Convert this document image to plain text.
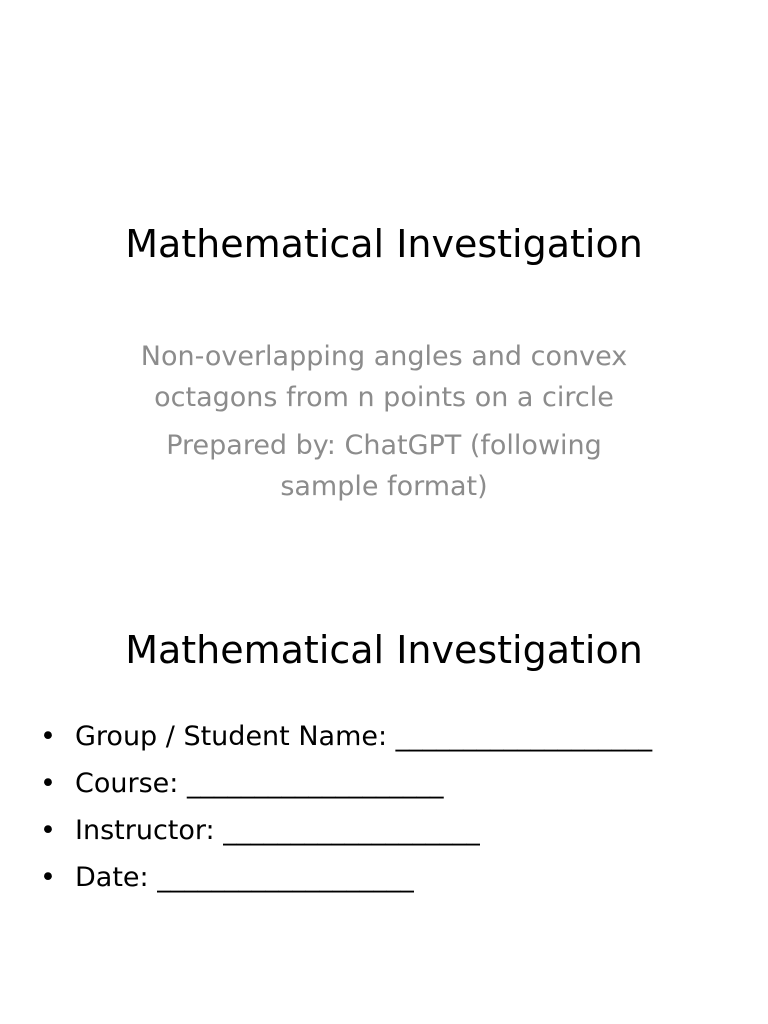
Mathematical Investigation

Non-overlapping angles and convex octagons from n points on a circle

Prepared by: ChatGPT (following sample format)

Mathematical Investigation
• Group / Student Name: ___________________
• Course: ___________________
• Instructor: ___________________
• Date: ___________________
